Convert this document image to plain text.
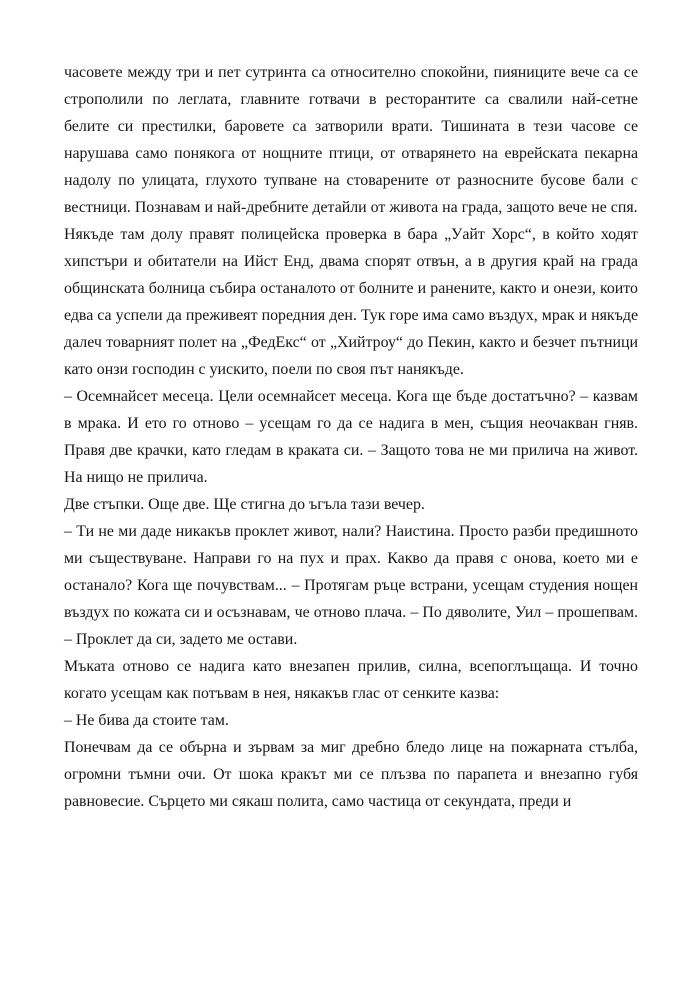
часовете между три и пет сутринта са относително спокойни, пияниците вече са се строполили по леглата, главните готвачи в ресторантите са свалили най-сетне белите си престилки, баровете са затворили врати. Тишината в тези часове се нарушава само понякога от нощните птици, от отварянето на еврейската пекарна надолу по улицата, глухото тупване на стоварените от разносните бусове бали с вестници. Познавам и най-дребните детайли от живота на града, защото вече не спя.

Някъде там долу правят полицейска проверка в бара „Уайт Хорс“, в който ходят хипстъри и обитатели на Ийст Енд, двама спорят отвън, а в другия край на града общинската болница събира останалото от болните и ранените, както и онези, които едва са успели да преживеят поредния ден. Тук горе има само въздух, мрак и някъде далеч товарният полет на „ФедЕкс“ от „Хийтроу“ до Пекин, както и безчет пътници като онзи господин с уискито, поели по своя път нанякъде.

– Осемнайсет месеца. Цели осемнайсет месеца. Кога ще бъде достатъчно? – казвам в мрака. И ето го отново – усещам го да се надига в мен, същия неочакван гняв. Правя две крачки, като гледам в краката си. – Защото това не ми прилича на живот. На нищо не прилича.

Две стъпки. Още две. Ще стигна до ъгъла тази вечер.

– Ти не ми даде никакъв проклет живот, нали? Наистина. Просто разби предишното ми съществуване. Направи го на пух и прах. Какво да правя с онова, което ми е останало? Кога ще почувствам... – Протягам ръце встрани, усещам студения нощен въздух по кожата си и осъзнавам, че отново плача. – По дяволите, Уил – прошепвам. – Проклет да си, задето ме остави.

Мъката отново се надига като внезапен прилив, силна, всепоглъщаща. И точно когато усещам как потъвам в нея, някакъв глас от сенките казва:

– Не бива да стоите там.

Понечвам да се обърна и зървам за миг дребно бледо лице на пожарната стълба, огромни тъмни очи. От шока кракът ми се плъзва по парапета и внезапно губя равновесие. Сърцето ми сякаш полита, само частица от секундата, преди и
